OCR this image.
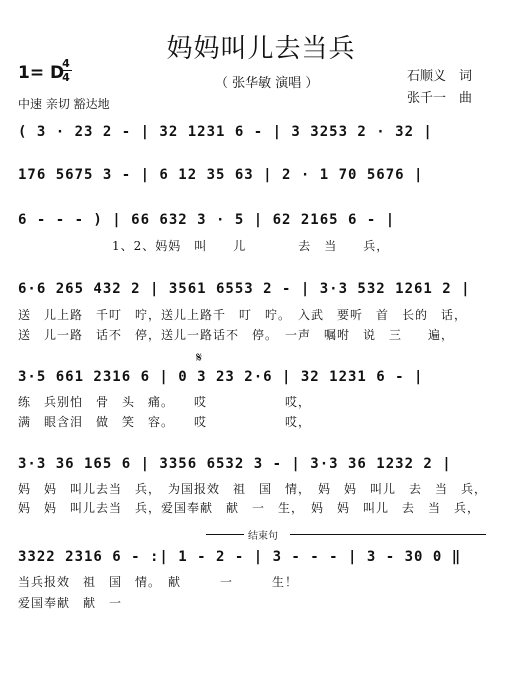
妈妈叫儿去当兵
1= D
4
4	（ 张华敏 演唱 ）
中速 亲切 豁达地
石顺义　词
张千一　曲
( 3 · 23 2 - | 32 1231 6 - | 3 3253 2 · 32 |
176 5675 3 - | 6 12 35 63 | 2 · 1 70 5676 |
6 - - - ) | 66 632 3 · 5 | 62 2165 6 - |
1、2、妈妈　叫　　儿　　　　去　当　　兵，
6·6 265 432 2 | 3561 6553 2 - | 3·3 532 1261 2 |
送　儿上路　千叮　咛，送儿上路千　叮　咛。　入武　要听　首　长的　话，
送　儿一路　话不　停，送儿一路话不　停。　一声　嘱咐　说　三　　遍，
𝄋
3·5 661 2316 6 | 0 3 23 2·6 | 32 1231 6 - |
练　兵别怕　骨　头　痛。　　哎　　　　　　哎，
满　眼含泪　做　笑　容。　　哎　　　　　　哎，
3·3 36 165 6 | 3356 6532 3 - | 3·3 36 1232 2 |
妈　妈　叫儿去当　兵，　为国报效　祖　国　情，　妈　妈　叫儿　去　当　兵，
妈　妈　叫儿去当　兵，爱国奉献　献　一　生，　妈　妈　叫儿　去　当　兵，
结束句
3322 2316 6 - :| 1 - 2 - | 3 - - - | 3 - 30 0 ‖
当兵报效　祖　国　情。　献　　　一　　　生！
爱国奉献　献　一
